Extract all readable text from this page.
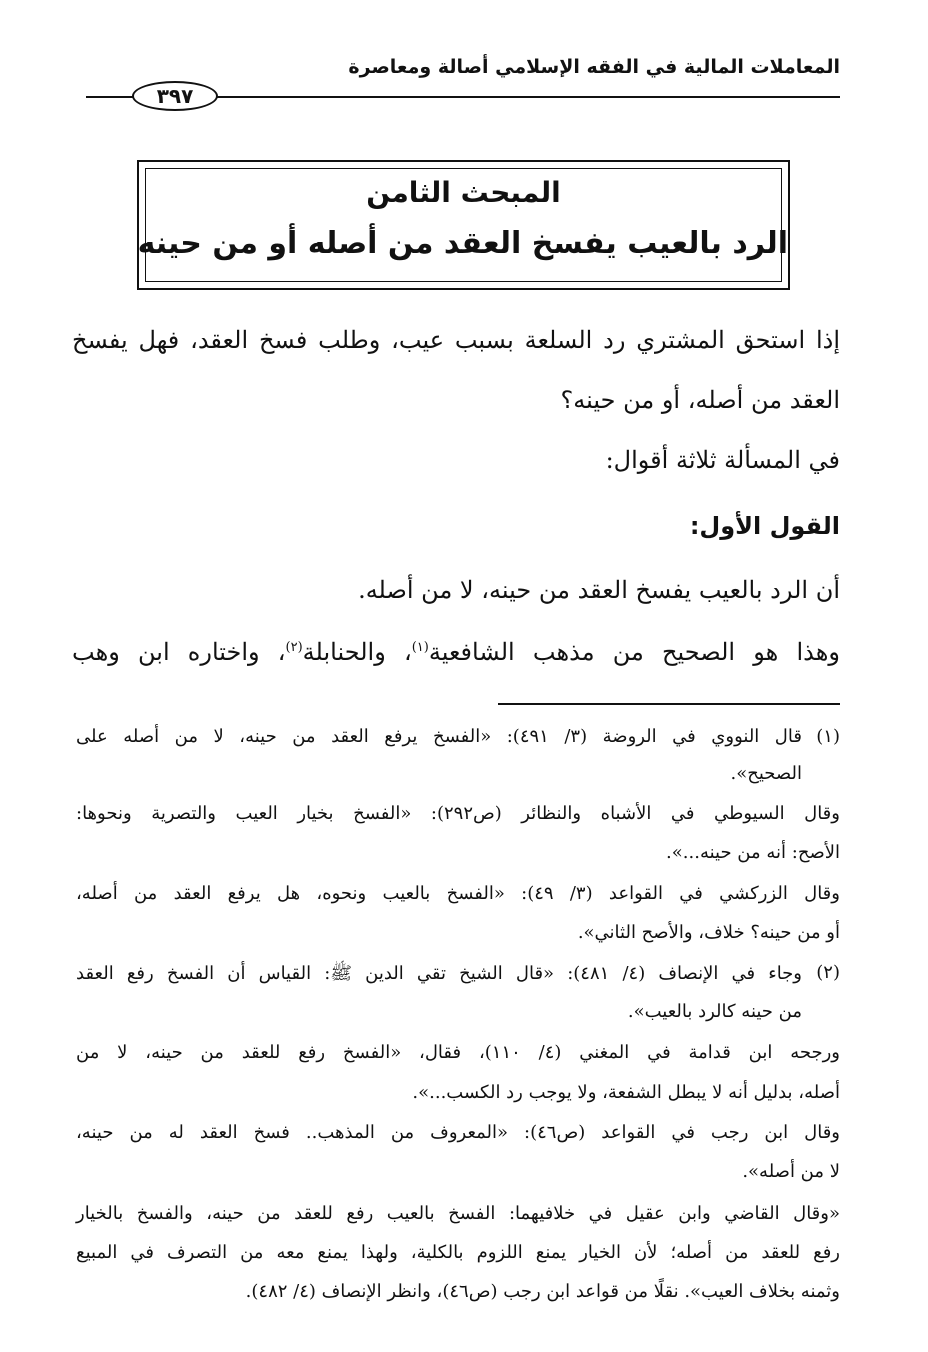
المعاملات المالية في الفقه الإسلامي أصالة ومعاصرة
٣٩٧
المبحث الثامن
الرد بالعيب يفسخ العقد من أصله أو من حينه
إذا استحق المشتري رد السلعة بسبب عيب، وطلب فسخ العقد، فهل يفسخ
العقد من أصله، أو من حينه؟
في المسألة ثلاثة أقوال:
القول الأول:
أن الرد بالعيب يفسخ العقد من حينه، لا من أصله.
وهذا هو الصحيح من مذهب الشافعية$^{(١)}$، والحنابلة$^{(٢)}$، واختاره ابن وهب
(١)
قال النووي في الروضة (٣/ ٤٩١): «الفسخ يرفع العقد من حينه، لا من أصله على
الصحيح».
وقال السيوطي في الأشباه والنظائر (ص٢٩٢): «الفسخ بخيار العيب والتصرية ونحوها:
الأصح: أنه من حينه...».
وقال الزركشي في القواعد (٣/ ٤٩): «الفسخ بالعيب ونحوه، هل يرفع العقد من أصله،
أو من حينه؟ خلاف، والأصح الثاني».
(٢)
وجاء في الإنصاف (٤/ ٤٨١): «قال الشيخ تقي الدين ﷺ: القياس أن الفسخ رفع العقد
من حينه كالرد بالعيب».
ورجحه ابن قدامة في المغني (٤/ ١١٠)، فقال، «الفسخ رفع للعقد من حينه، لا من
أصله، بدليل أنه لا يبطل الشفعة، ولا يوجب رد الكسب...».
وقال ابن رجب في القواعد (ص٤٦): «المعروف من المذهب.. فسخ العقد له من حينه،
لا من أصله».
«وقال القاضي وابن عقيل في خلافيهما: الفسخ بالعيب رفع للعقد من حينه، والفسخ بالخيار
رفع للعقد من أصله؛ لأن الخيار يمنع اللزوم بالكلية، ولهذا يمنع معه من التصرف في المبيع
وثمنه بخلاف العيب». نقلًا من قواعد ابن رجب (ص٤٦)، وانظر الإنصاف (٤/ ٤٨٢).
